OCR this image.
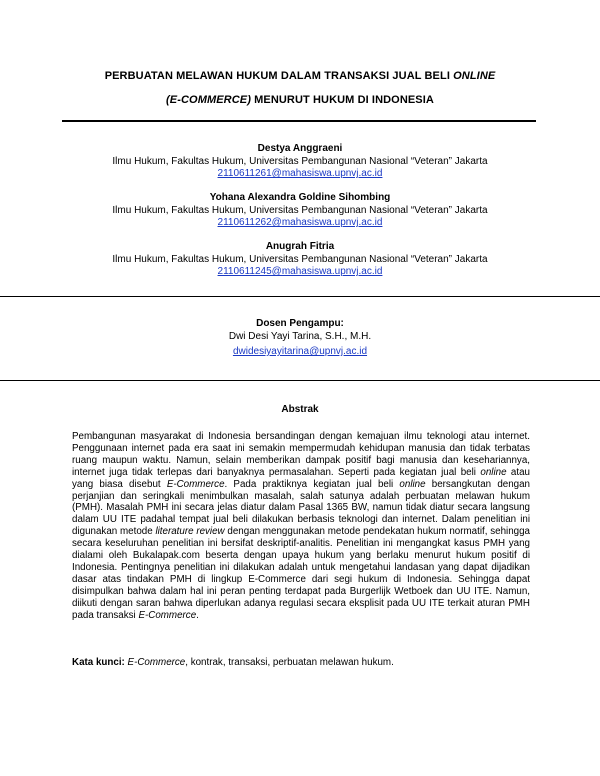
PERBUATAN MELAWAN HUKUM DALAM TRANSAKSI JUAL BELI ONLINE
(E-COMMERCE) MENURUT HUKUM DI INDONESIA
Destya Anggraeni
Ilmu Hukum, Fakultas Hukum, Universitas Pembangunan Nasional “Veteran” Jakarta
2110611261@mahasiswa.upnvj.ac.id
Yohana Alexandra Goldine Sihombing
Ilmu Hukum, Fakultas Hukum, Universitas Pembangunan Nasional “Veteran” Jakarta
2110611262@mahasiswa.upnvj.ac.id
Anugrah Fitria
Ilmu Hukum, Fakultas Hukum, Universitas Pembangunan Nasional “Veteran” Jakarta
2110611245@mahasiswa.upnvj.ac.id
Dosen Pengampu:
Dwi Desi Yayi Tarina, S.H., M.H.
dwidesiyayitarina@upnvj.ac.id
Abstrak

Pembangunan masyarakat di Indonesia bersandingan dengan kemajuan ilmu teknologi atau internet. Penggunaan internet pada era saat ini semakin mempermudah kehidupan manusia dan tidak terbatas ruang maupun waktu. Namun, selain memberikan dampak positif bagi manusia dan kesehariannya, internet juga tidak terlepas dari banyaknya permasalahan. Seperti pada kegiatan jual beli online atau yang biasa disebut E-Commerce. Pada praktiknya kegiatan jual beli online bersangkutan dengan perjanjian dan seringkali menimbulkan masalah, salah satunya adalah perbuatan melawan hukum (PMH). Masalah PMH ini secara jelas diatur dalam Pasal 1365 BW, namun tidak diatur secara langsung dalam UU ITE padahal tempat jual beli dilakukan berbasis teknologi dan internet. Dalam penelitian ini digunakan metode literature review dengan menggunakan metode pendekatan hukum normatif, sehingga secara keseluruhan penelitian ini bersifat deskriptif-analitis. Penelitian ini mengangkat kasus PMH yang dialami oleh Bukalapak.com beserta dengan upaya hukum yang berlaku menurut hukum positif di Indonesia. Pentingnya penelitian ini dilakukan adalah untuk mengetahui landasan yang dapat dijadikan dasar atas tindakan PMH di lingkup E-Commerce dari segi hukum di Indonesia. Sehingga dapat disimpulkan bahwa dalam hal ini peran penting terdapat pada Burgerlijk Wetboek dan UU ITE. Namun, diikuti dengan saran bahwa diperlukan adanya regulasi secara eksplisit pada UU ITE terkait aturan PMH pada transaksi E-Commerce.

Kata kunci: E-Commerce, kontrak, transaksi, perbuatan melawan hukum.
